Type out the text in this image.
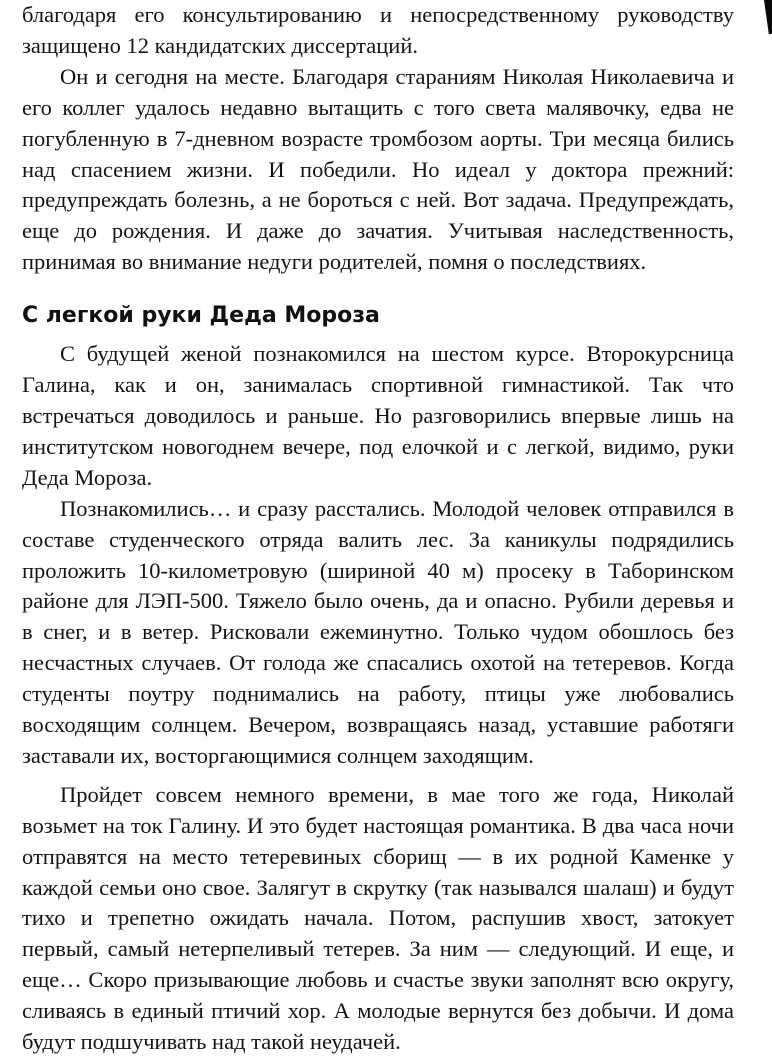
благодаря его консультированию и непосредственному руководству защищено 12 кандидатских диссертаций.

Он и сегодня на месте. Благодаря стараниям Николая Николаевича и его коллег удалось недавно вытащить с того света малявочку, едва не погубленную в 7-дневном возрасте тромбозом аорты. Три месяца бились над спасением жизни. И победили. Но идеал у доктора прежний: предупреждать болезнь, а не бороться с ней. Вот задача. Предупреждать, еще до рождения. И даже до зачатия. Учитывая наследственность, принимая во внимание недуги родителей, помня о последствиях.

С легкой руки Деда Мороза

С будущей женой познакомился на шестом курсе. Второкурсница Галина, как и он, занималась спортивной гимнастикой. Так что встречаться доводилось и раньше. Но разговорились впервые лишь на институтском новогоднем вечере, под елочкой и с легкой, видимо, руки Деда Мороза.

Познакомились… и сразу расстались. Молодой человек отправился в составе студенческого отряда валить лес. За каникулы подрядились проложить 10-километровую (шириной 40 м) просеку в Таборинском районе для ЛЭП-500. Тяжело было очень, да и опасно. Рубили деревья и в снег, и в ветер. Рисковали ежеминутно. Только чудом обошлось без несчастных случаев. От голода же спасались охотой на тетеревов. Когда студенты поутру поднимались на работу, птицы уже любовались восходящим солнцем. Вечером, возвращаясь назад, уставшие работяги заставали их, восторгающимися солнцем заходящим.

Пройдет совсем немного времени, в мае того же года, Николай возьмет на ток Галину. И это будет настоящая романтика. В два часа ночи отправятся на место тетеревиных сборищ — в их родной Каменке у каждой семьи оно свое. Залягут в скрутку (так назывался шалаш) и будут тихо и трепетно ожидать начала. Потом, распушив хвост, затокует первый, самый нетерпеливый тетерев. За ним — следующий. И еще, и еще… Скоро призывающие любовь и счастье звуки заполнят всю округу, сливаясь в единый птичий хор. А молодые вернутся без добычи. И дома будут подшучивать над такой неудачей.
